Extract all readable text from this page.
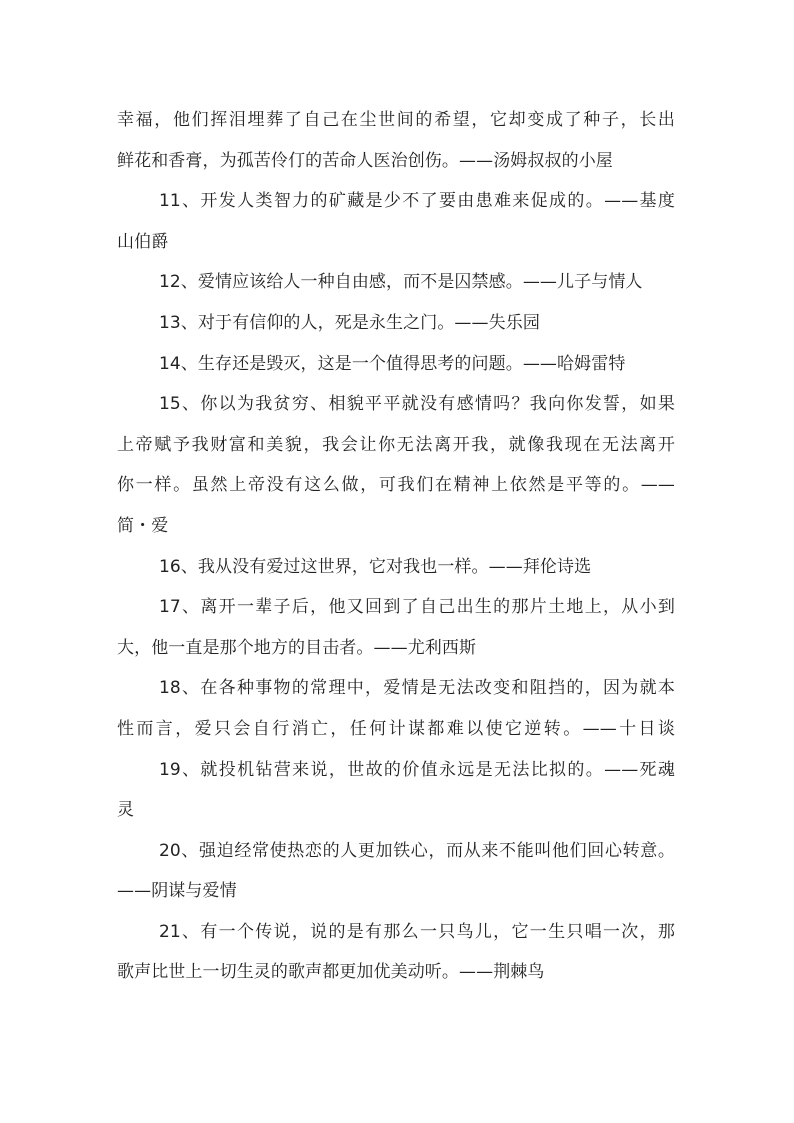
幸福，他们挥泪埋葬了自己在尘世间的希望，它却变成了种子，长出
鲜花和香膏，为孤苦伶仃的苦命人医治创伤。——汤姆叔叔的小屋
11、开发人类智力的矿藏是少不了要由患难来促成的。——基度
山伯爵
12、爱情应该给人一种自由感，而不是囚禁感。——儿子与情人
13、对于有信仰的人，死是永生之门。——失乐园
14、生存还是毁灭，这是一个值得思考的问题。——哈姆雷特
15、你以为我贫穷、相貌平平就没有感情吗？我向你发誓，如果
上帝赋予我财富和美貌，我会让你无法离开我，就像我现在无法离开
你一样。虽然上帝没有这么做，可我们在精神上依然是平等的。——
简・爱
16、我从没有爱过这世界，它对我也一样。——拜伦诗选
17、离开一辈子后，他又回到了自己出生的那片土地上，从小到
大，他一直是那个地方的目击者。——尤利西斯
18、在各种事物的常理中，爱情是无法改变和阻挡的，因为就本
性而言，爱只会自行消亡，任何计谋都难以使它逆转。——十日谈
19、就投机钻营来说，世故的价值永远是无法比拟的。——死魂
灵
20、强迫经常使热恋的人更加铁心，而从来不能叫他们回心转意。
——阴谋与爱情
21、有一个传说，说的是有那么一只鸟儿，它一生只唱一次，那
歌声比世上一切生灵的歌声都更加优美动听。——荆棘鸟
